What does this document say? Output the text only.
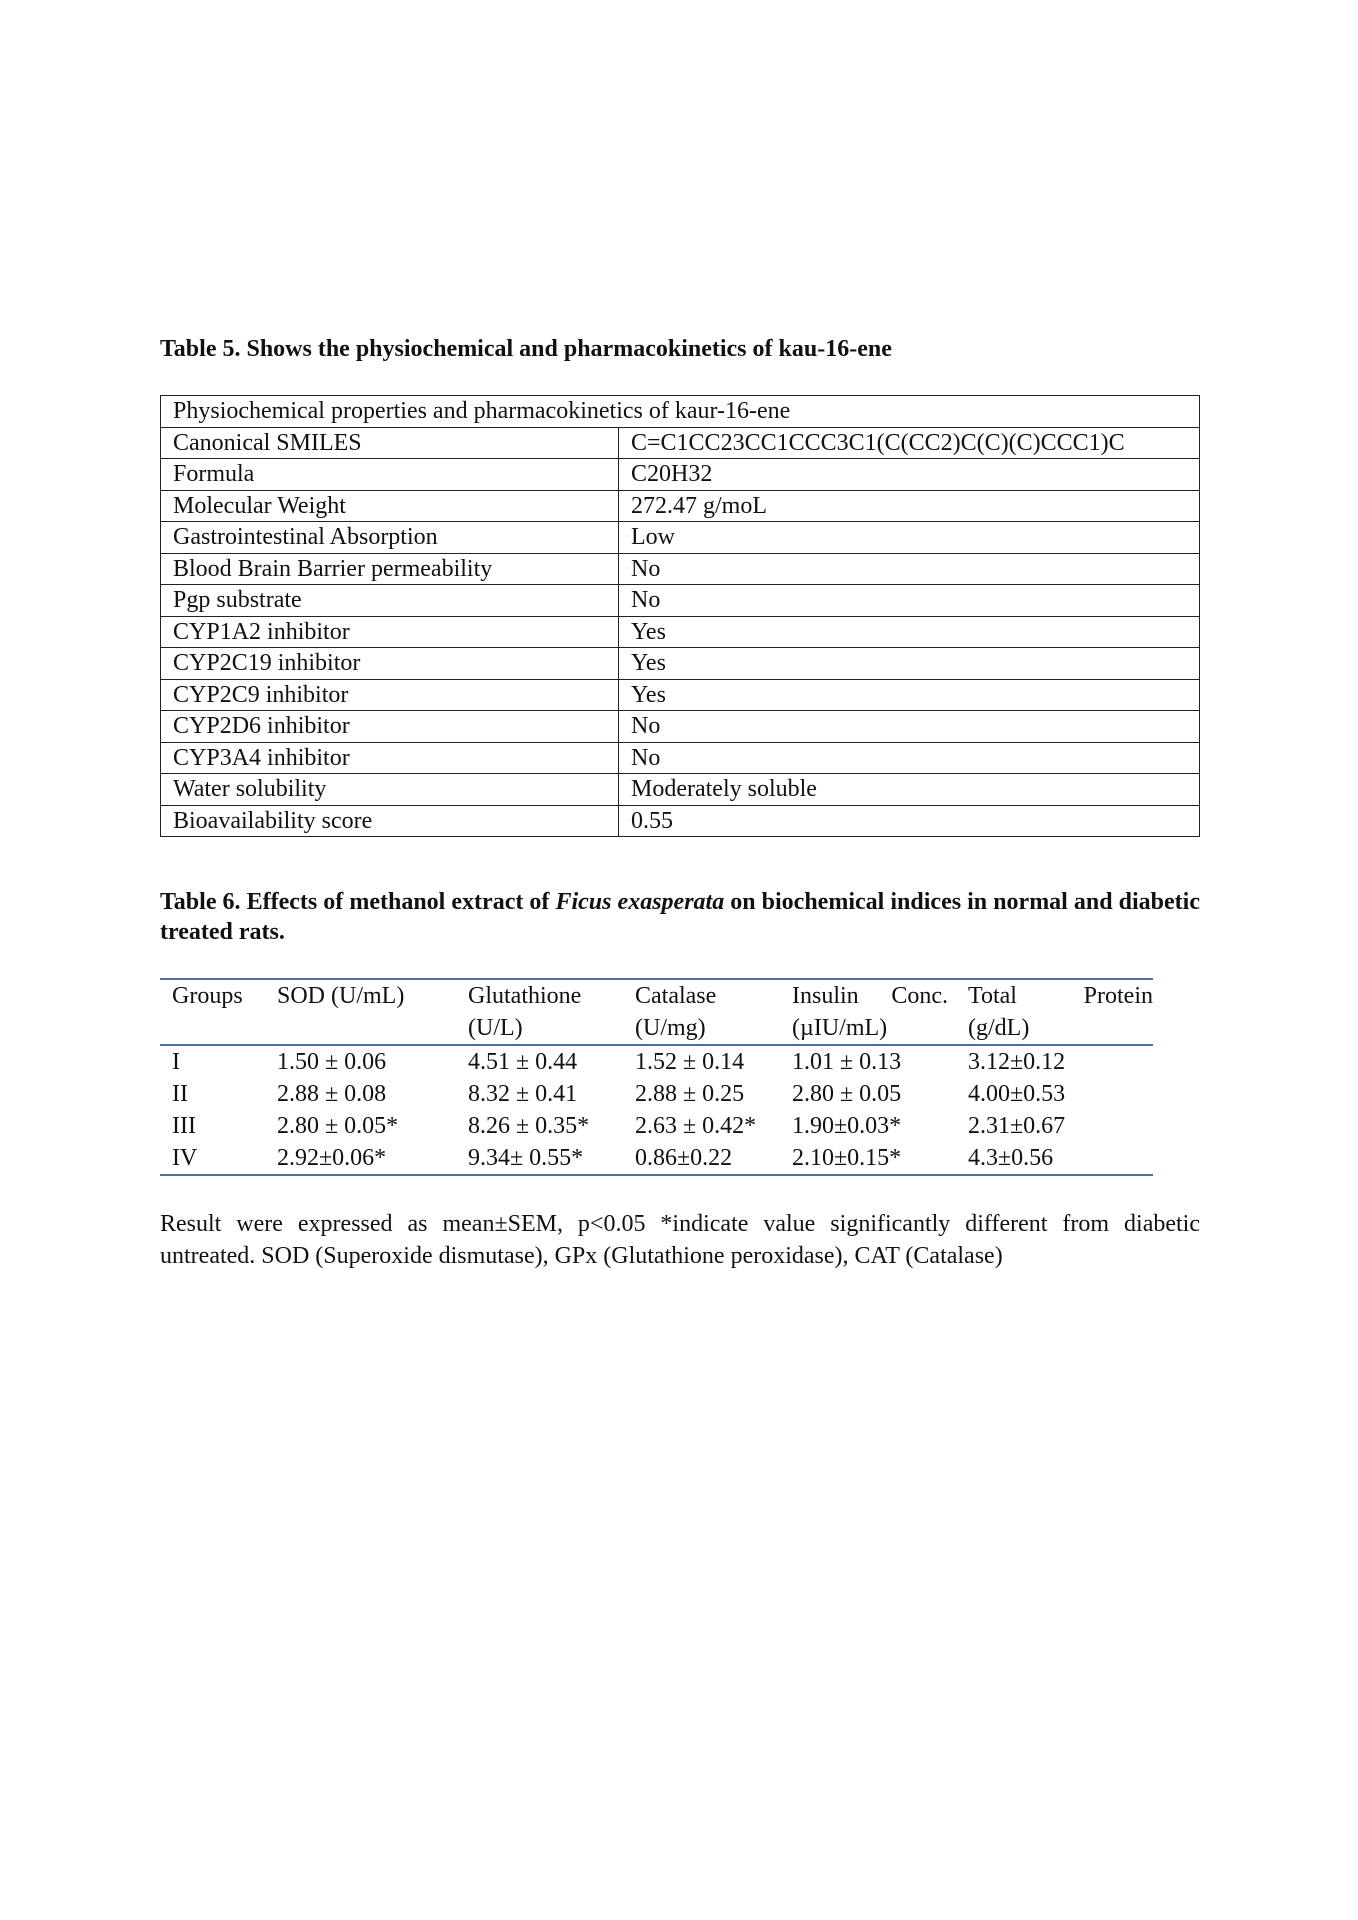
Table 5. Shows the physiochemical and pharmacokinetics of kau-16-ene
Physiochemical properties and pharmacokinetics of kaur-16-ene	
Canonical SMILES	C=C1CC23CC1CCC3C1(C(CC2)C(C)(C)CCC1)C
Formula	C20H32
Molecular Weight	272.47 g/moL
Gastrointestinal Absorption	Low
Blood Brain Barrier permeability	No
Pgp substrate	No
CYP1A2 inhibitor	Yes
CYP2C19 inhibitor	Yes
CYP2C9 inhibitor	Yes
CYP2D6 inhibitor	No
CYP3A4 inhibitor	No
Water solubility	Moderately soluble
Bioavailability score	0.55
Table 6. Effects of methanol extract of Ficus exasperata on biochemical indices in normal and diabetic treated rats.
Groups	SOD (U/mL)	Glutathione	Catalase	Insulin Conc.	Total Protein

		(U/L)	(U/mg)	(µIU/mL)	(g/dL)
I	1.50 ± 0.06	4.51 ± 0.44	1.52 ± 0.14	1.01 ± 0.13	3.12±0.12
II	2.88 ± 0.08	8.32 ± 0.41	2.88 ± 0.25	2.80 ± 0.05	4.00±0.53
III	2.80 ± 0.05*	8.26 ± 0.35*	2.63 ± 0.42*	1.90±0.03*	2.31±0.67
IV	2.92±0.06*	9.34± 0.55*	0.86±0.22	2.10±0.15*	4.3±0.56
Result were expressed as mean±SEM, p<0.05 *indicate value significantly different from diabetic untreated. SOD (Superoxide dismutase), GPx (Glutathione peroxidase), CAT (Catalase)
